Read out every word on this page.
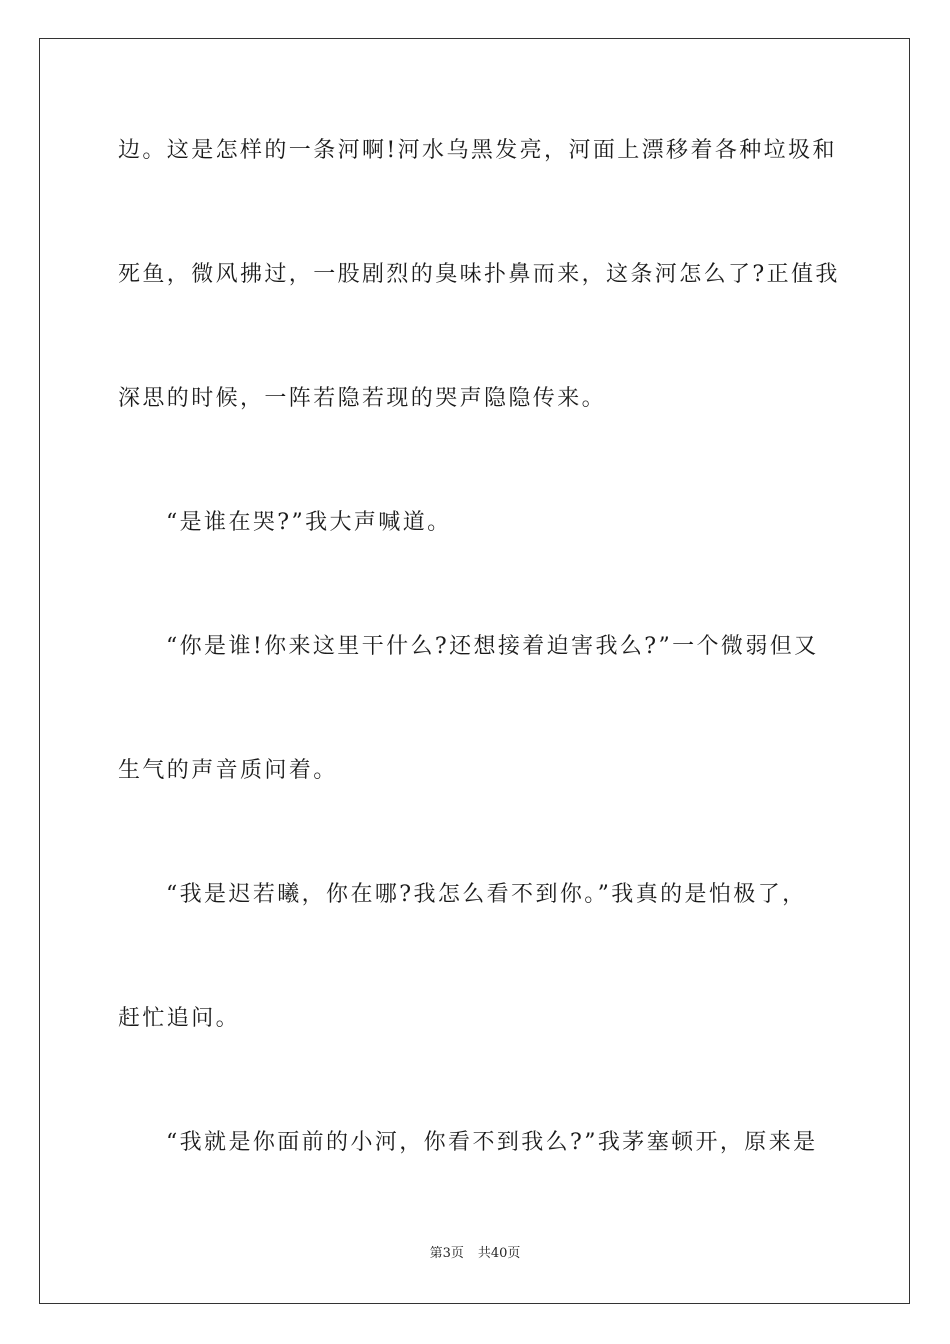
边。这是怎样的一条河啊!河水乌黑发亮，河面上漂移着各种垃圾和

死鱼，微风拂过，一股剧烈的臭味扑鼻而来，这条河怎么了?正值我

深思的时候，一阵若隐若现的哭声隐隐传来。

“是谁在哭?”我大声喊道。

“你是谁!你来这里干什么?还想接着迫害我么?”一个微弱但又

生气的声音质问着。

“我是迟若曦，你在哪?我怎么看不到你。”我真的是怕极了，

赶忙追问。

“我就是你面前的小河，你看不到我么?”我茅塞顿开，原来是

第3页 共40页
